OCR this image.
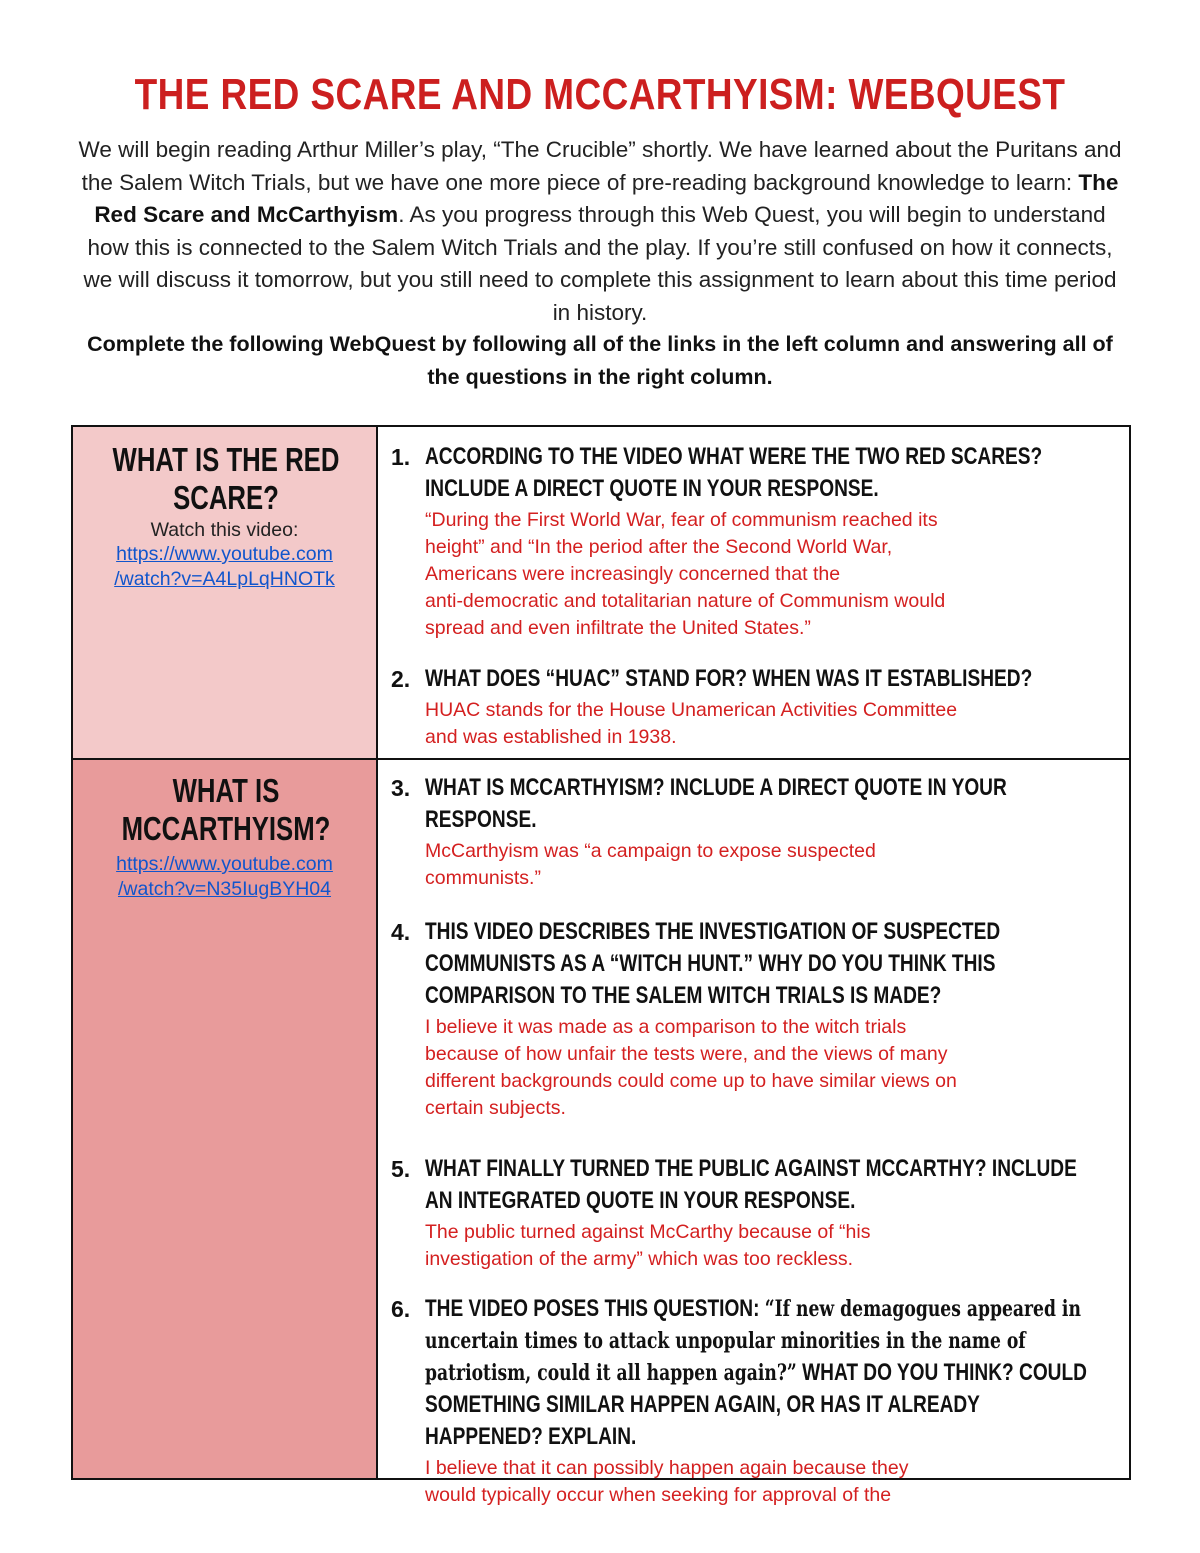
THE RED SCARE AND MCCARTHYISM: WEBQUEST
We will begin reading Arthur Miller’s play, “The Crucible” shortly. We have learned about the Puritans and the Salem Witch Trials, but we have one more piece of pre-reading background knowledge to learn: The Red Scare and McCarthyism. As you progress through this Web Quest, you will begin to understand how this is connected to the Salem Witch Trials and the play. If you’re still confused on how it connects, we will discuss it tomorrow, but you still need to complete this assignment to learn about this time period in history.
Complete the following WebQuest by following all of the links in the left column and answering all of the questions in the right column.
WHAT IS THE RED SCARE?
Watch this video:
https://www.youtube.com
/watch?v=A4LpLqHNOTk
WHAT IS MCCARTHYISM?
https://www.youtube.com
/watch?v=N35IugBYH04
1. ACCORDING TO THE VIDEO WHAT WERE THE TWO RED SCARES?
INCLUDE A DIRECT QUOTE IN YOUR RESPONSE.
“During the First World War, fear of communism reached its
height” and “In the period after the Second World War,
Americans were increasingly concerned that the
anti-democratic and totalitarian nature of Communism would
spread and even infiltrate the United States.”
2. WHAT DOES “HUAC” STAND FOR? WHEN WAS IT ESTABLISHED?
HUAC stands for the House Unamerican Activities Committee
and was established in 1938.
3. WHAT IS MCCARTHYISM? INCLUDE A DIRECT QUOTE IN YOUR
RESPONSE.
McCarthyism was “a campaign to expose suspected
communists.”
4. THIS VIDEO DESCRIBES THE INVESTIGATION OF SUSPECTED
COMMUNISTS AS A “WITCH HUNT.” WHY DO YOU THINK THIS
COMPARISON TO THE SALEM WITCH TRIALS IS MADE?
I believe it was made as a comparison to the witch trials
because of how unfair the tests were, and the views of many
different backgrounds could come up to have similar views on
certain subjects.
5. WHAT FINALLY TURNED THE PUBLIC AGAINST MCCARTHY? INCLUDE
AN INTEGRATED QUOTE IN YOUR RESPONSE.
The public turned against McCarthy because of “his
investigation of the army” which was too reckless.
6. THE VIDEO POSES THIS QUESTION: “If new demagogues appeared in uncertain times to attack unpopular minorities in the name of patriotism, could it all happen again?” WHAT DO YOU THINK? COULD SOMETHING SIMILAR HAPPEN AGAIN, OR HAS IT ALREADY HAPPENED? EXPLAIN.
I believe that it can possibly happen again because they
would typically occur when seeking for approval of the
